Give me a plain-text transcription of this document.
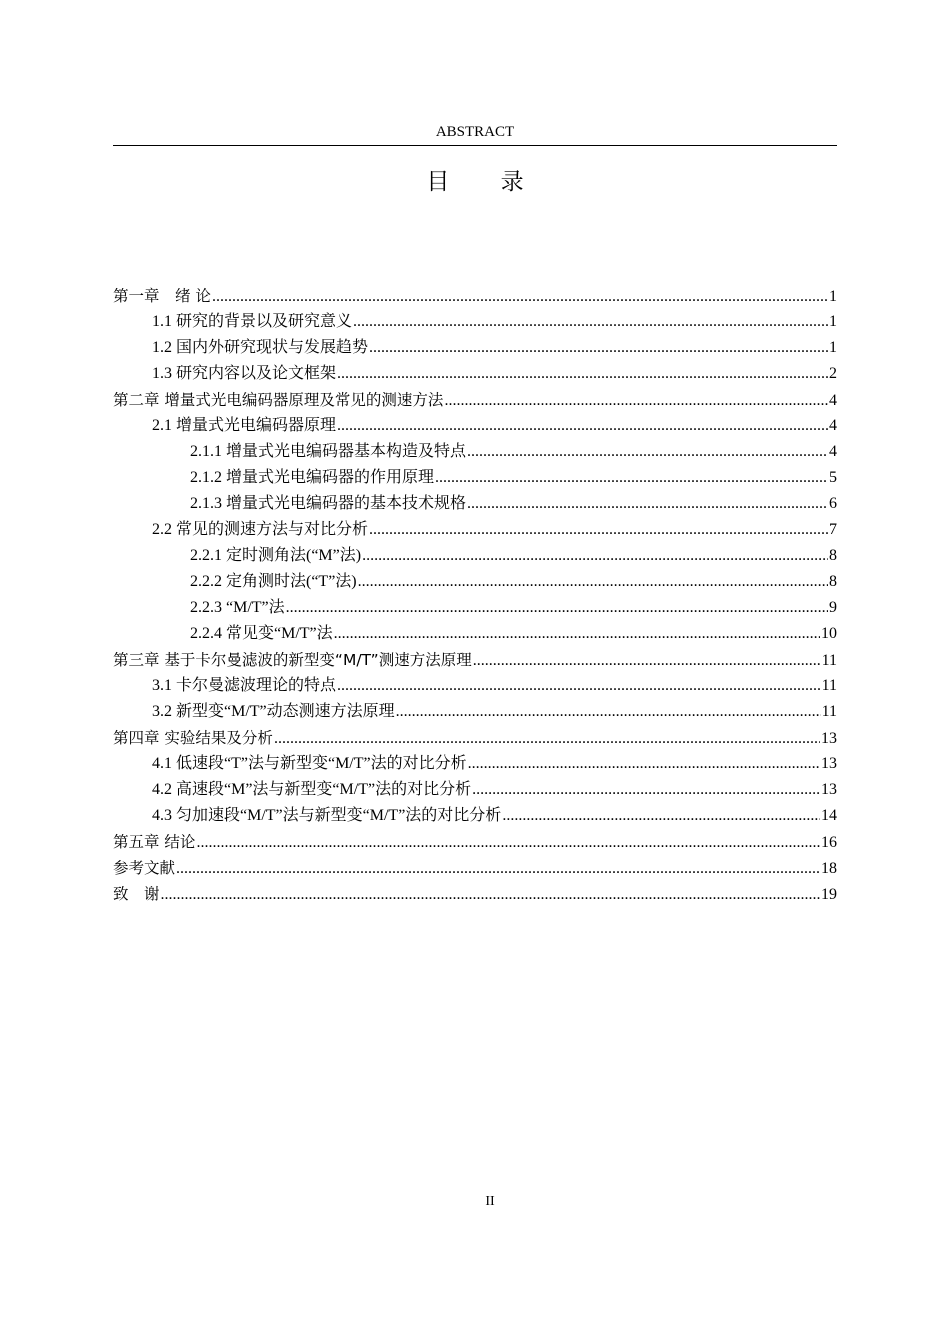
ABSTRACT
目 录
第一章　绪 论 .....	1
1.1 研究的背景以及研究意义 .....	1
1.2 国内外研究现状与发展趋势 .....	1
1.3 研究内容以及论文框架 .....	2
第二章 增量式光电编码器原理及常见的测速方法 .....	4
2.1 增量式光电编码器原理 .....	4
2.1.1 增量式光电编码器基本构造及特点 .....	4
2.1.2 增量式光电编码器的作用原理 .....	5
2.1.3 增量式光电编码器的基本技术规格 .....	6
2.2 常见的测速方法与对比分析 .....	7
2.2.1 定时测角法(“M”法) .....	8
2.2.2 定角测时法(“T”法) .....	8
2.2.3 “M/T”法 .....	9
2.2.4 常见变“M/T”法 .....	10
第三章 基于卡尔曼滤波的新型变“M/T”测速方法原理 .....	11
3.1 卡尔曼滤波理论的特点 .....	11
3.2 新型变“M/T”动态测速方法原理 .....	11
第四章 实验结果及分析 .....	13
4.1 低速段“T”法与新型变“M/T”法的对比分析 .....	13
4.2 高速段“M”法与新型变“M/T”法的对比分析 .....	13
4.3 匀加速段“M/T”法与新型变“M/T”法的对比分析 .....	14
第五章 结论 .....	16
参考文献 .....	18
致　谢 .....	19
II
